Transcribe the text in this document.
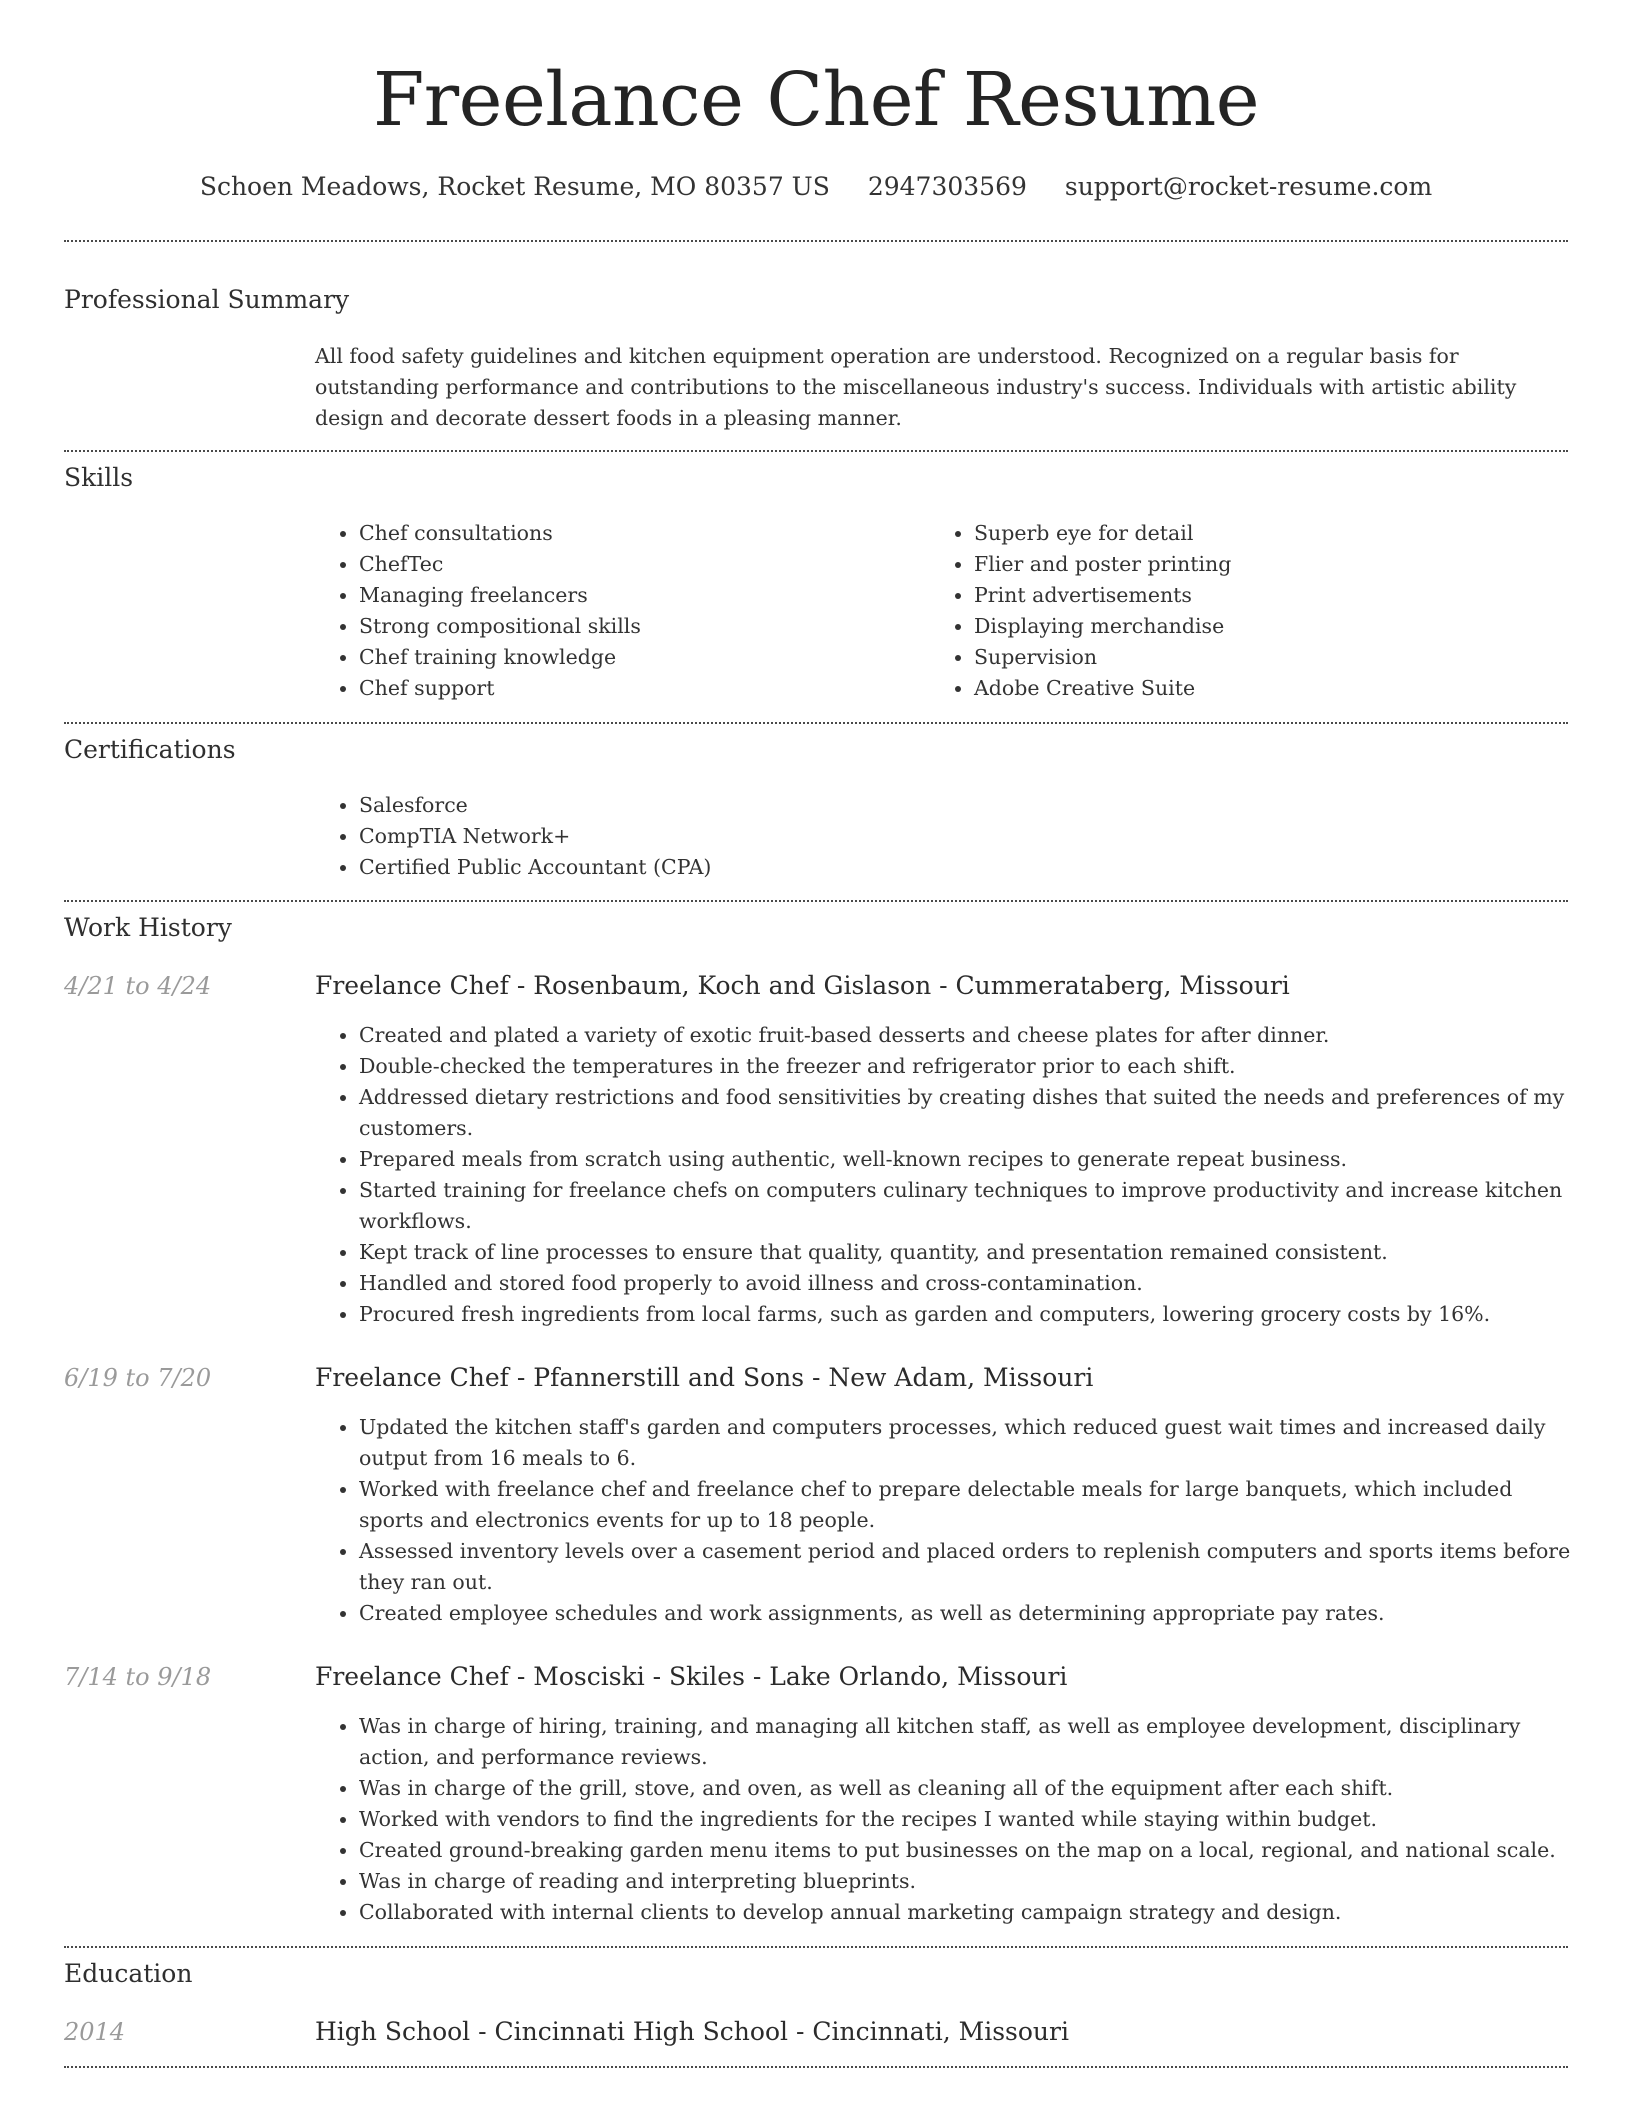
Freelance Chef Resume
Schoen Meadows, Rocket Resume, MO 80357 US 2947303569 support@rocket-resume.com
Professional Summary
All food safety guidelines and kitchen equipment operation are understood. Recognized on a regular basis for outstanding performance and contributions to the miscellaneous industry's success. Individuals with artistic ability design and decorate dessert foods in a pleasing manner.
Skills
• Chef consultations
• ChefTec
• Managing freelancers
• Strong compositional skills
• Chef training knowledge
• Chef support
• Superb eye for detail
• Flier and poster printing
• Print advertisements
• Displaying merchandise
• Supervision
• Adobe Creative Suite
Certifications
• Salesforce
• CompTIA Network+
• Certified Public Accountant (CPA)
Work History
4/21 to 4/24	Freelance Chef - Rosenbaum, Koch and Gislason - Cummerataberg, Missouri
• Created and plated a variety of exotic fruit-based desserts and cheese plates for after dinner.
• Double-checked the temperatures in the freezer and refrigerator prior to each shift.
• Addressed dietary restrictions and food sensitivities by creating dishes that suited the needs and preferences of my customers.
• Prepared meals from scratch using authentic, well-known recipes to generate repeat business.
• Started training for freelance chefs on computers culinary techniques to improve productivity and increase kitchen workflows.
• Kept track of line processes to ensure that quality, quantity, and presentation remained consistent.
• Handled and stored food properly to avoid illness and cross-contamination.
• Procured fresh ingredients from local farms, such as garden and computers, lowering grocery costs by 16%.
6/19 to 7/20	Freelance Chef - Pfannerstill and Sons - New Adam, Missouri
• Updated the kitchen staff's garden and computers processes, which reduced guest wait times and increased daily output from 16 meals to 6.
• Worked with freelance chef and freelance chef to prepare delectable meals for large banquets, which included sports and electronics events for up to 18 people.
• Assessed inventory levels over a casement period and placed orders to replenish computers and sports items before they ran out.
• Created employee schedules and work assignments, as well as determining appropriate pay rates.
7/14 to 9/18	Freelance Chef - Mosciski - Skiles - Lake Orlando, Missouri
• Was in charge of hiring, training, and managing all kitchen staff, as well as employee development, disciplinary action, and performance reviews.
• Was in charge of the grill, stove, and oven, as well as cleaning all of the equipment after each shift.
• Worked with vendors to find the ingredients for the recipes I wanted while staying within budget.
• Created ground-breaking garden menu items to put businesses on the map on a local, regional, and national scale.
• Was in charge of reading and interpreting blueprints.
• Collaborated with internal clients to develop annual marketing campaign strategy and design.
Education
2014	High School - Cincinnati High School - Cincinnati, Missouri
